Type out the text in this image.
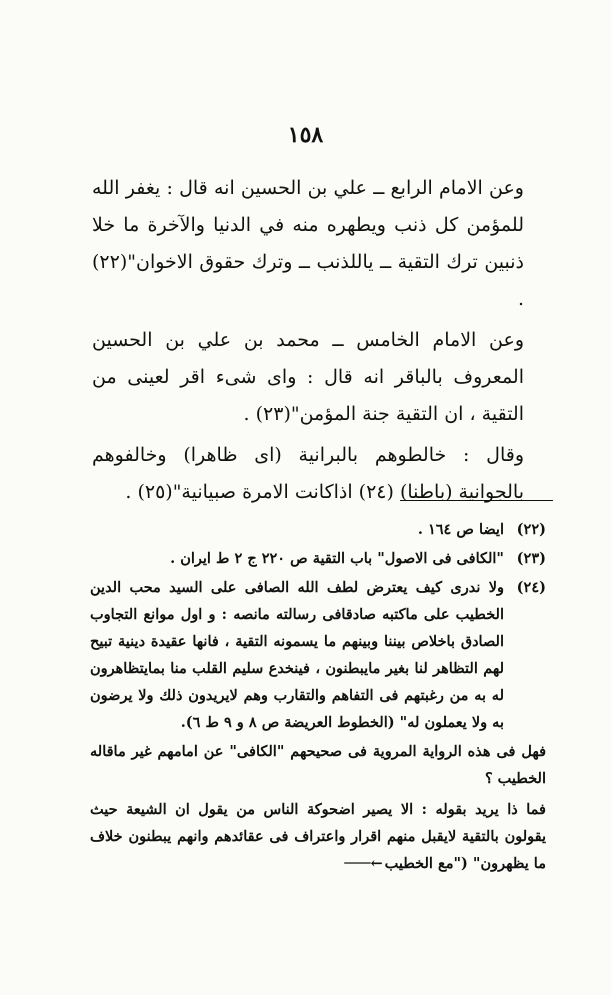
١٥٨

وعن الامام الرابع ــ علي بن الحسين انه قال : يغفر الله للمؤمن كل ذنب ويطهره منه في الدنيا والآخرة ما خلا ذنبين ترك التقية ــ ياللذنب ــ وترك حقوق الاخوان"(٢٢) .

وعن الامام الخامس ــ محمد بن علي بن الحسين المعروف بالباقر انه قال : وای شیء اقر لعینی من التقیة ، ان التقیة جنة المؤمن"(٢٣) .

وقال : خالطوهم بالبرانية (اى ظاهرا) وخالفوهم بالجوانية (باطنا) (٢٤) اذاكانت الامرة صبيانية"(٢٥) .

(٢٢)
ايضا ص ١٦٤ .
(٢٣)
"الكافى فى الاصول" باب التقية ص ٢٢٠ ج ٢ ط ايران .
(٢٤)
ولا ندرى كيف يعترض لطف الله الصافى على السيد محب الدين الخطيب على ماكتبه صادقافى رسالته مانصه : و اول موانع التجاوب الصادق باخلاص بيننا وبينهم ما يسمونه التقية ، فانها عقيدة دينية تبيح لهم التظاهر لنا بغير مايبطنون ، فينخدع سليم القلب منا بمايتظاهرون له به من رغبتهم فى التفاهم والتقارب وهم لايريدون ذلك ولا يرضون به ولا يعملون له" (الخطوط العريضة ص ٨ و ٩ ط ٦).

فهل فى هذه الرواية المروية فى صحيحهم "الكافى" عن امامهم غير ماقاله الخطيب ؟

فما ذا يريد بقوله : الا يصير اضحوكة الناس من يقول ان الشيعة حيث يقولون بالتقية لايقبل منهم اقرار واعتراف فى عقائدهم وانهم يبطنون خلاف ما يظهرون" ("مع الخطيب←───
